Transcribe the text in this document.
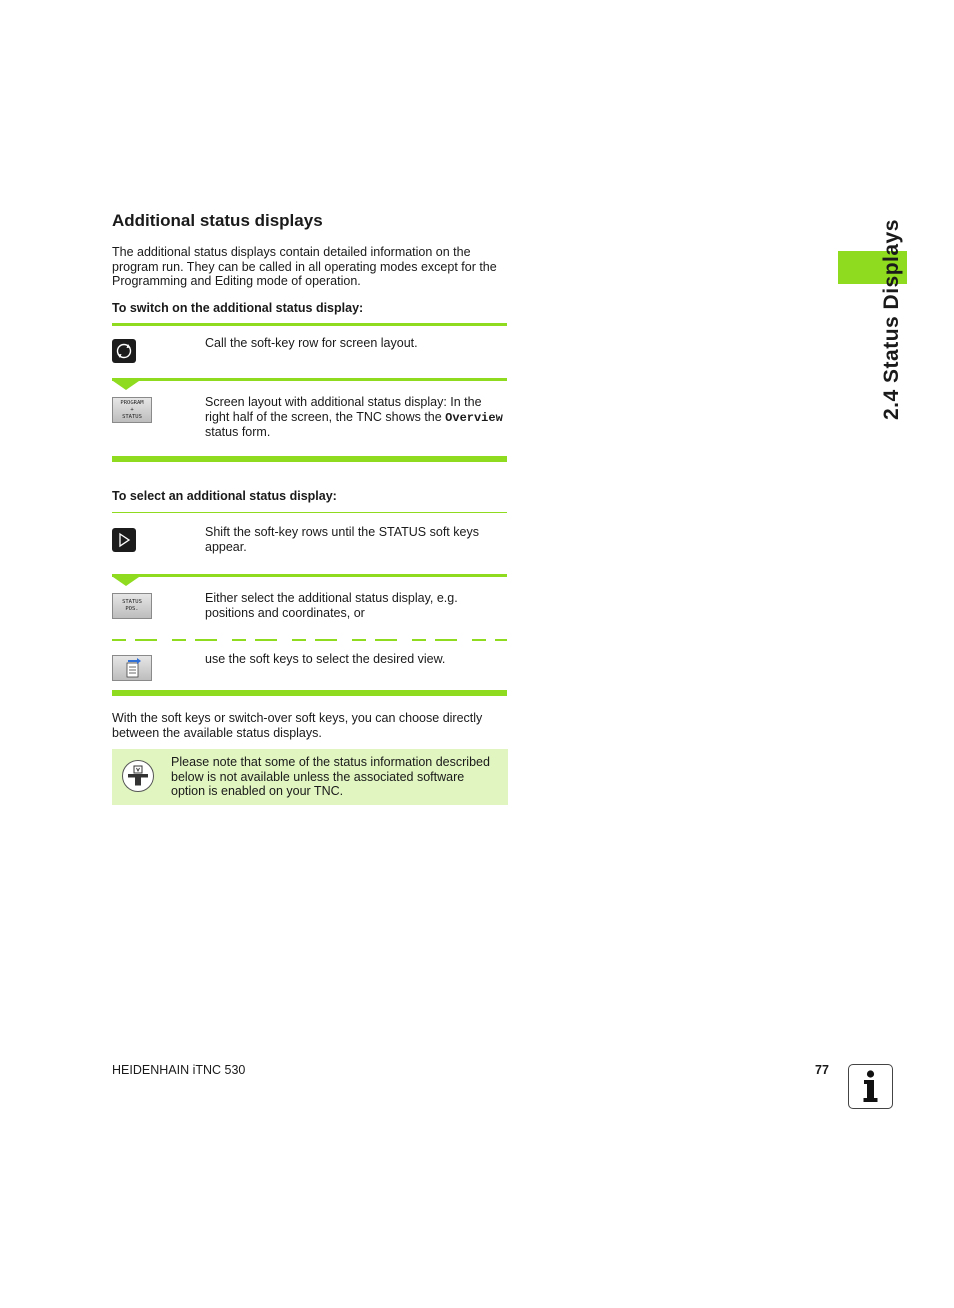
Additional status displays
The additional status displays contain detailed information on the program run. They can be called in all operating modes except for the Programming and Editing mode of operation.
To switch on the additional status display:
Call the soft-key row for screen layout.
PROGRAM
+
STATUS
Screen layout with additional status display: In the right half of the screen, the TNC shows the Overview status form.
To select an additional status display:
Shift the soft-key rows until the STATUS soft keys appear.
STATUS
POS.
Either select the additional status display, e.g. positions and coordinates, or
use the soft keys to select the desired view.
With the soft keys or switch-over soft keys, you can choose directly between the available status displays.
Please note that some of the status information described below is not available unless the associated software option is enabled on your TNC.
2.4 Status Displays
HEIDENHAIN iTNC 530	77
